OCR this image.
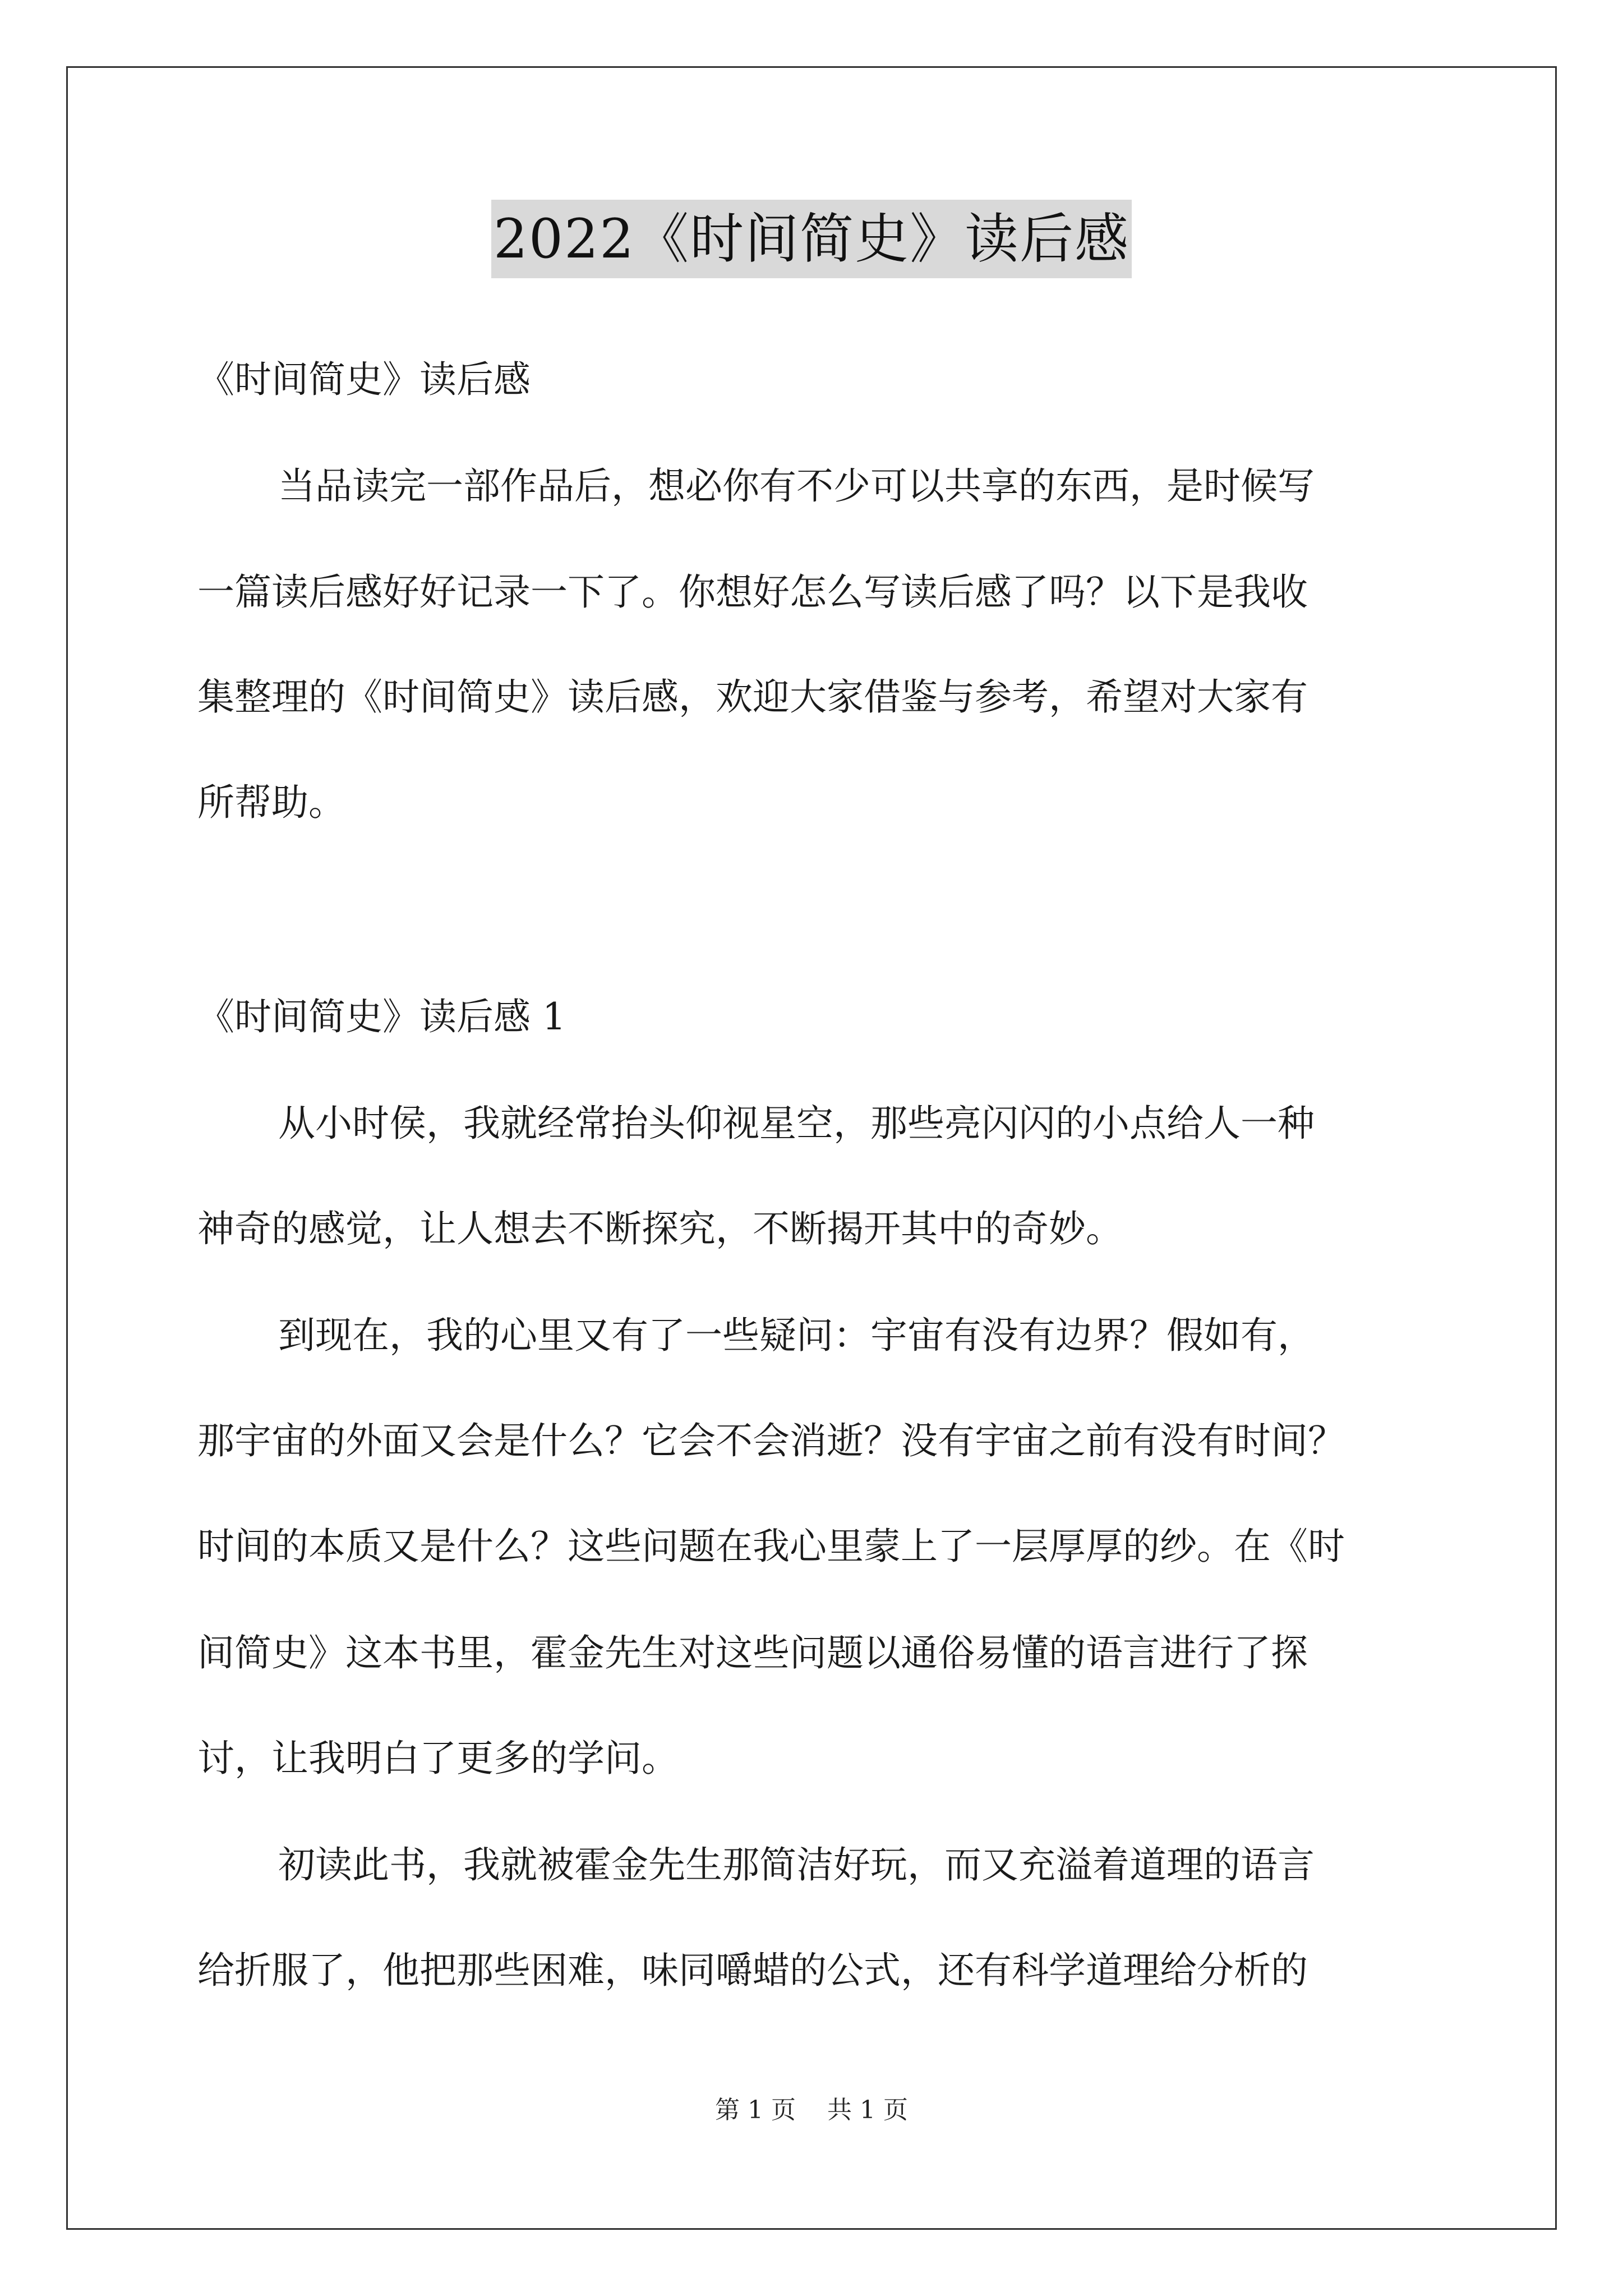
2022《时间简史》读后感
《时间简史》读后感
当品读完一部作品后，想必你有不少可以共享的东西，是时候写
一篇读后感好好记录一下了。你想好怎么写读后感了吗？以下是我收
集整理的《时间简史》读后感，欢迎大家借鉴与参考，希望对大家有
所帮助。
《时间简史》读后感 1
从小时侯，我就经常抬头仰视星空，那些亮闪闪的小点给人一种
神奇的感觉，让人想去不断探究，不断揭开其中的奇妙。
到现在，我的心里又有了一些疑问：宇宙有没有边界？假如有，
那宇宙的外面又会是什么？它会不会消逝？没有宇宙之前有没有时间？
时间的本质又是什么？这些问题在我心里蒙上了一层厚厚的纱。在《时
间简史》这本书里，霍金先生对这些问题以通俗易懂的语言进行了探
讨，让我明白了更多的学问。
初读此书，我就被霍金先生那简洁好玩，而又充溢着道理的语言
给折服了，他把那些困难，味同嚼蜡的公式，还有科学道理给分析的
第 1 页 共 1 页
